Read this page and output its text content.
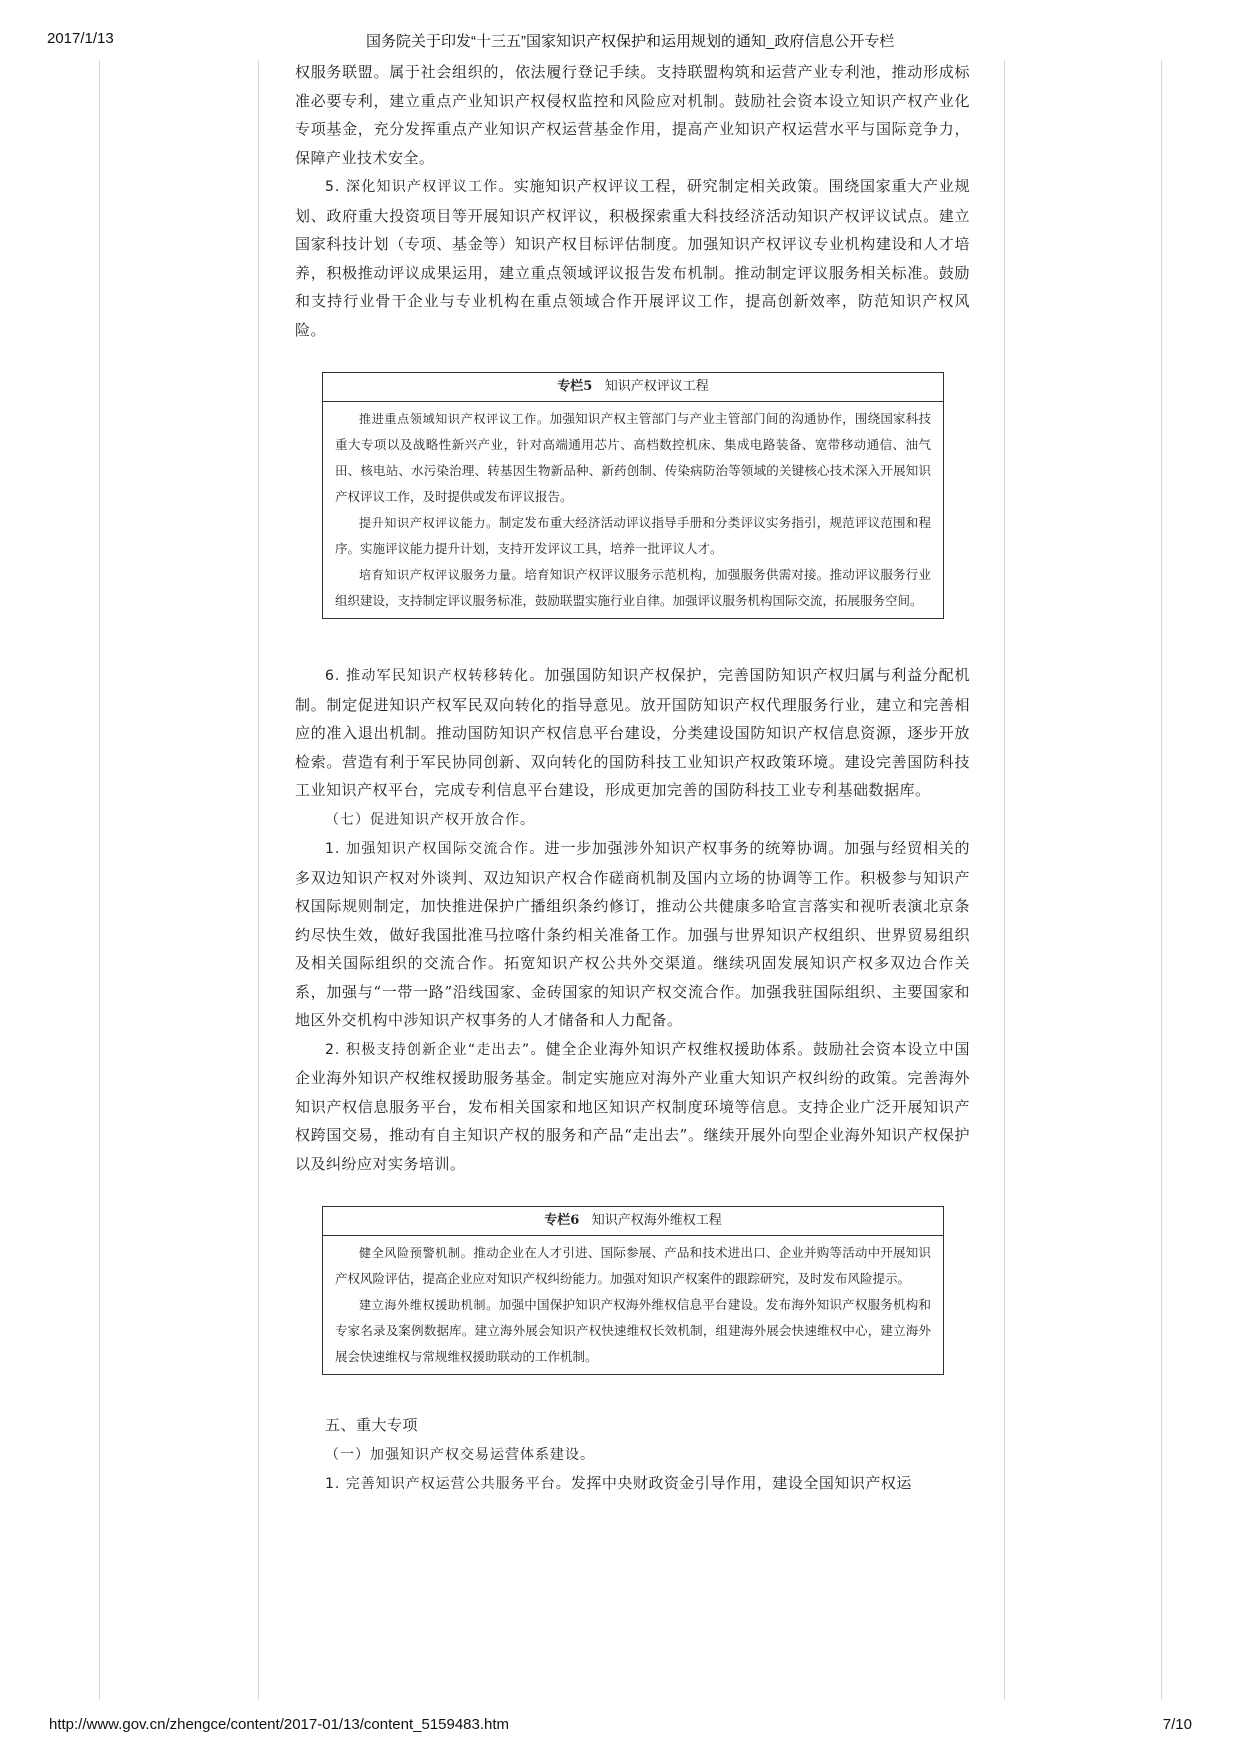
2017/1/13	国务院关于印发“十三五”国家知识产权保护和运用规划的通知_政府信息公开专栏

权服务联盟。属于社会组织的，依法履行登记手续。支持联盟构筑和运营产业专利池，推动形成标准必要专利，建立重点产业知识产权侵权监控和风险应对机制。鼓励社会资本设立知识产权产业化专项基金，充分发挥重点产业知识产权运营基金作用，提高产业知识产权运营水平与国际竞争力，保障产业技术安全。

5. 深化知识产权评议工作。实施知识产权评议工程，研究制定相关政策。围绕国家重大产业规划、政府重大投资项目等开展知识产权评议，积极探索重大科技经济活动知识产权评议试点。建立国家科技计划（专项、基金等）知识产权目标评估制度。加强知识产权评议专业机构建设和人才培养，积极推动评议成果运用，建立重点领域评议报告发布机制。推动制定评议服务相关标准。鼓励和支持行业骨干企业与专业机构在重点领域合作开展评议工作，提高创新效率，防范知识产权风险。

专栏5 知识产权评议工程

推进重点领域知识产权评议工作。加强知识产权主管部门与产业主管部门间的沟通协作，围绕国家科技重大专项以及战略性新兴产业，针对高端通用芯片、高档数控机床、集成电路装备、宽带移动通信、油气田、核电站、水污染治理、转基因生物新品种、新药创制、传染病防治等领域的关键核心技术深入开展知识产权评议工作，及时提供或发布评议报告。

提升知识产权评议能力。制定发布重大经济活动评议指导手册和分类评议实务指引，规范评议范围和程序。实施评议能力提升计划，支持开发评议工具，培养一批评议人才。

培育知识产权评议服务力量。培育知识产权评议服务示范机构，加强服务供需对接。推动评议服务行业组织建设，支持制定评议服务标准，鼓励联盟实施行业自律。加强评议服务机构国际交流，拓展服务空间。

6. 推动军民知识产权转移转化。加强国防知识产权保护，完善国防知识产权归属与利益分配机制。制定促进知识产权军民双向转化的指导意见。放开国防知识产权代理服务行业，建立和完善相应的准入退出机制。推动国防知识产权信息平台建设，分类建设国防知识产权信息资源，逐步开放检索。营造有利于军民协同创新、双向转化的国防科技工业知识产权政策环境。建设完善国防科技工业知识产权平台，完成专利信息平台建设，形成更加完善的国防科技工业专利基础数据库。

（七）促进知识产权开放合作。

1. 加强知识产权国际交流合作。进一步加强涉外知识产权事务的统筹协调。加强与经贸相关的多双边知识产权对外谈判、双边知识产权合作磋商机制及国内立场的协调等工作。积极参与知识产权国际规则制定，加快推进保护广播组织条约修订，推动公共健康多哈宣言落实和视听表演北京条约尽快生效，做好我国批准马拉喀什条约相关准备工作。加强与世界知识产权组织、世界贸易组织及相关国际组织的交流合作。拓宽知识产权公共外交渠道。继续巩固发展知识产权多双边合作关系，加强与“一带一路”沿线国家、金砖国家的知识产权交流合作。加强我驻国际组织、主要国家和地区外交机构中涉知识产权事务的人才储备和人力配备。

2. 积极支持创新企业“走出去”。健全企业海外知识产权维权援助体系。鼓励社会资本设立中国企业海外知识产权维权援助服务基金。制定实施应对海外产业重大知识产权纠纷的政策。完善海外知识产权信息服务平台，发布相关国家和地区知识产权制度环境等信息。支持企业广泛开展知识产权跨国交易，推动有自主知识产权的服务和产品“走出去”。继续开展外向型企业海外知识产权保护以及纠纷应对实务培训。

专栏6 知识产权海外维权工程

健全风险预警机制。推动企业在人才引进、国际参展、产品和技术进出口、企业并购等活动中开展知识产权风险评估，提高企业应对知识产权纠纷能力。加强对知识产权案件的跟踪研究，及时发布风险提示。

建立海外维权援助机制。加强中国保护知识产权海外维权信息平台建设。发布海外知识产权服务机构和专家名录及案例数据库。建立海外展会知识产权快速维权长效机制，组建海外展会快速维权中心，建立海外展会快速维权与常规维权援助联动的工作机制。

五、重大专项

（一）加强知识产权交易运营体系建设。

1. 完善知识产权运营公共服务平台。发挥中央财政资金引导作用，建设全国知识产权运

http://www.gov.cn/zhengce/content/2017-01/13/content_5159483.htm	7/10
